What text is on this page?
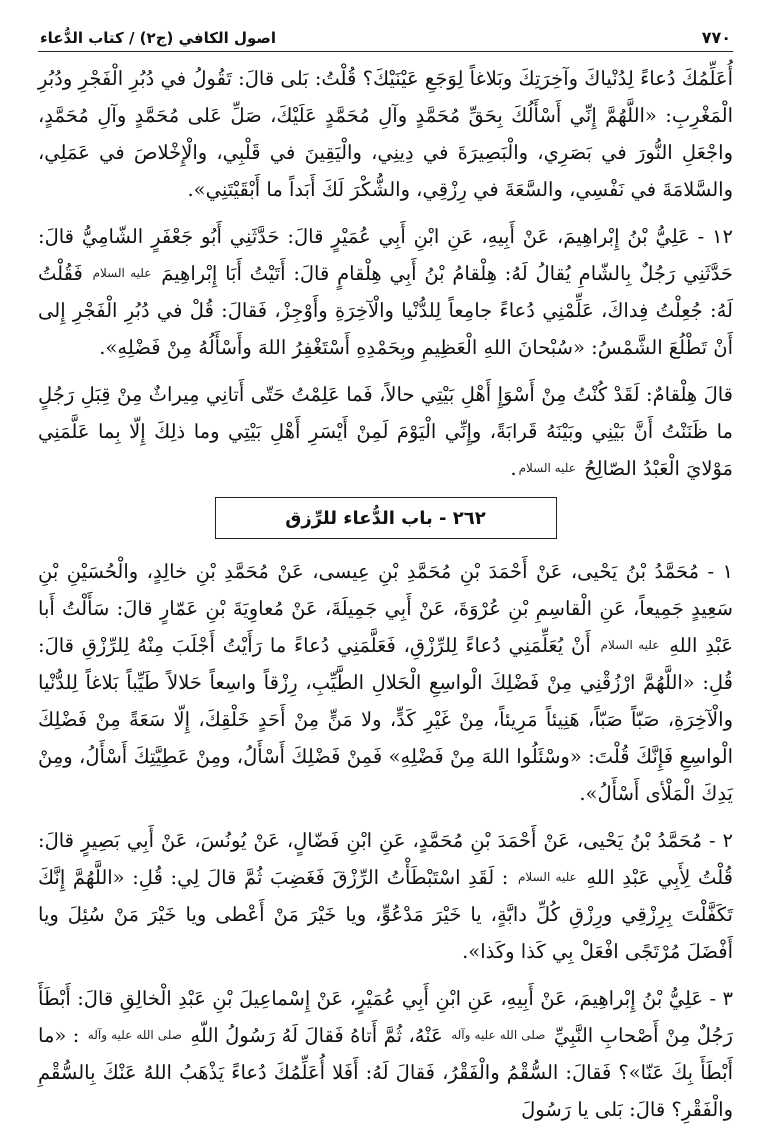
٧٧٠
اصول الكافي (ج٢) / كتاب الدُّعاء

أُعَلِّمُكَ دُعاءً لِدُنْياكَ وآخِرَتِكَ وبَلاغاً لِوَجَعِ عَيْنَيْكَ؟ قُلْتُ: بَلى قالَ: تَقُولُ في دُبُرِ الْفَجْرِ ودُبُرِ الْمَغْرِبِ: «اللَّهُمَّ إِنِّي أَسْأَلُكَ بِحَقِّ مُحَمَّدٍ وآلِ مُحَمَّدٍ عَلَيْكَ، صَلِّ عَلى مُحَمَّدٍ وآلِ مُحَمَّدٍ، واجْعَلِ النُّورَ في بَصَرِي، والْبَصِيرَةَ في دِينِي، والْيَقِينَ في قَلْبِي، والْإِخْلاصَ في عَمَلِي، والسَّلامَةَ في نَفْسِي، والسَّعَةَ في رِزْقِي، والشُّكْرَ لَكَ أَبَداً ما أَبْقَيْتَنِي».

١٢ - عَلِيُّ بْنُ إِبْراهِيمَ، عَنْ أَبِيهِ، عَنِ ابْنِ أَبِي عُمَيْرٍ قالَ: حَدَّثَنِي أَبُو جَعْفَرٍ الشّامِيُّ قالَ: حَدَّثَنِي رَجُلٌ بِالشّامِ يُقالُ لَهُ: هِلْقامُ بْنُ أَبِي هِلْقامٍ قالَ: أَتَيْتُ أَبَا إِبْراهِيمَ عليه السلام فَقُلْتُ لَهُ: جُعِلْتُ فِداكَ، عَلِّمْنِي دُعاءً جامِعاً لِلدُّنْيا والْآخِرَةِ وأَوْجِزْ، فَقالَ: قُلْ في دُبُرِ الْفَجْرِ إِلى أَنْ تَطْلُعَ الشَّمْسُ: «سُبْحانَ اللهِ الْعَظِيمِ وبِحَمْدِهِ أَسْتَغْفِرُ اللهَ وأَسْأَلُهُ مِنْ فَضْلِهِ».

قالَ هِلْقامٌ: لَقَدْ كُنْتُ مِنْ أَسْوَإِ أَهْلِ بَيْتِي حالاً، فَما عَلِمْتُ حَتّى أَتانِي مِيراثٌ مِنْ قِبَلِ رَجُلٍ ما ظَنَنْتُ أَنَّ بَيْنِي وبَيْنَهُ قَرابَةً، وإِنِّي الْيَوْمَ لَمِنْ أَيْسَرِ أَهْلِ بَيْتِي وما ذلِكَ إِلّا بِما عَلَّمَنِي مَوْلايَ الْعَبْدُ الصّالِحُ عليه السلام.

٢٦٢ - باب الدُّعاء للرِّزق

١ - مُحَمَّدُ بْنُ يَحْيى، عَنْ أَحْمَدَ بْنِ مُحَمَّدِ بْنِ عِيسى، عَنْ مُحَمَّدِ بْنِ خالِدٍ، والْحُسَيْنِ بْنِ سَعِيدٍ جَمِيعاً، عَنِ الْقاسِمِ بْنِ عُرْوَةَ، عَنْ أَبِي جَمِيلَةَ، عَنْ مُعاوِيَةَ بْنِ عَمّارٍ قالَ: سَأَلْتُ أَبا عَبْدِ اللهِ عليه السلام أَنْ يُعَلِّمَنِي دُعاءً لِلرِّزْقِ، فَعَلَّمَنِي دُعاءً ما رَأَيْتُ أَجْلَبَ مِنْهُ لِلرِّزْقِ قالَ: قُلِ: «اللَّهُمَّ ارْزُقْنِي مِنْ فَضْلِكَ الْواسِعِ الْحَلالِ الطَّيِّبِ، رِزْقاً واسِعاً حَلالاً طَيِّباً بَلاغاً لِلدُّنْيا والْآخِرَةِ، صَبّاً صَبّاً، هَنِيئاً مَرِيئاً، مِنْ غَيْرِ كَدٍّ، ولا مَنٍّ مِنْ أَحَدٍ خَلْقِكَ، إِلّا سَعَةً مِنْ فَضْلِكَ الْواسِعِ فَإِنَّكَ قُلْتَ: «وسْئَلُوا اللهَ مِنْ فَضْلِهِ» فَمِنْ فَضْلِكَ أَسْأَلُ، ومِنْ عَطِيَّتِكَ أَسْأَلُ، ومِنْ يَدِكَ الْمَلْأى أَسْأَلُ».

٢ - مُحَمَّدُ بْنُ يَحْيى، عَنْ أَحْمَدَ بْنِ مُحَمَّدٍ، عَنِ ابْنِ فَضّالٍ، عَنْ يُونُسَ، عَنْ أَبِي بَصِيرٍ قالَ: قُلْتُ لِأَبِي عَبْدِ اللهِ عليه السلام : لَقَدِ اسْتَبْطَأْتُ الرِّزْقَ فَغَضِبَ ثُمَّ قالَ لِي: قُلِ: «اللَّهُمَّ إِنَّكَ تَكَفَّلْتَ بِرِزْقِي ورِزْقِ كُلِّ دابَّةٍ، يا خَيْرَ مَدْعُوٍّ، ويا خَيْرَ مَنْ أَعْطى ويا خَيْرَ مَنْ سُئِلَ ويا أَفْضَلَ مُرْتَجًى افْعَلْ بِي كَذا وكَذا».

٣ - عَلِيُّ بْنُ إِبْراهِيمَ، عَنْ أَبِيهِ، عَنِ ابْنِ أَبِي عُمَيْرٍ، عَنْ إِسْماعِيلَ بْنِ عَبْدِ الْخالِقِ قالَ: أَبْطَأَ رَجُلٌ مِنْ أَصْحابِ النَّبِيِّ صلى الله عليه وآله عَنْهُ، ثُمَّ أَتاهُ فَقالَ لَهُ رَسُولُ اللّهِ صلى الله عليه وآله : «ما أَبْطَأَ بِكَ عَنّا»؟ فَقالَ: السُّقْمُ والْفَقْرُ، فَقالَ لَهُ: أَفَلا أُعَلِّمُكَ دُعاءً يَذْهَبُ اللهُ عَنْكَ بِالسُّقْمِ والْفَقْرِ؟ قالَ: بَلى يا رَسُولَ
